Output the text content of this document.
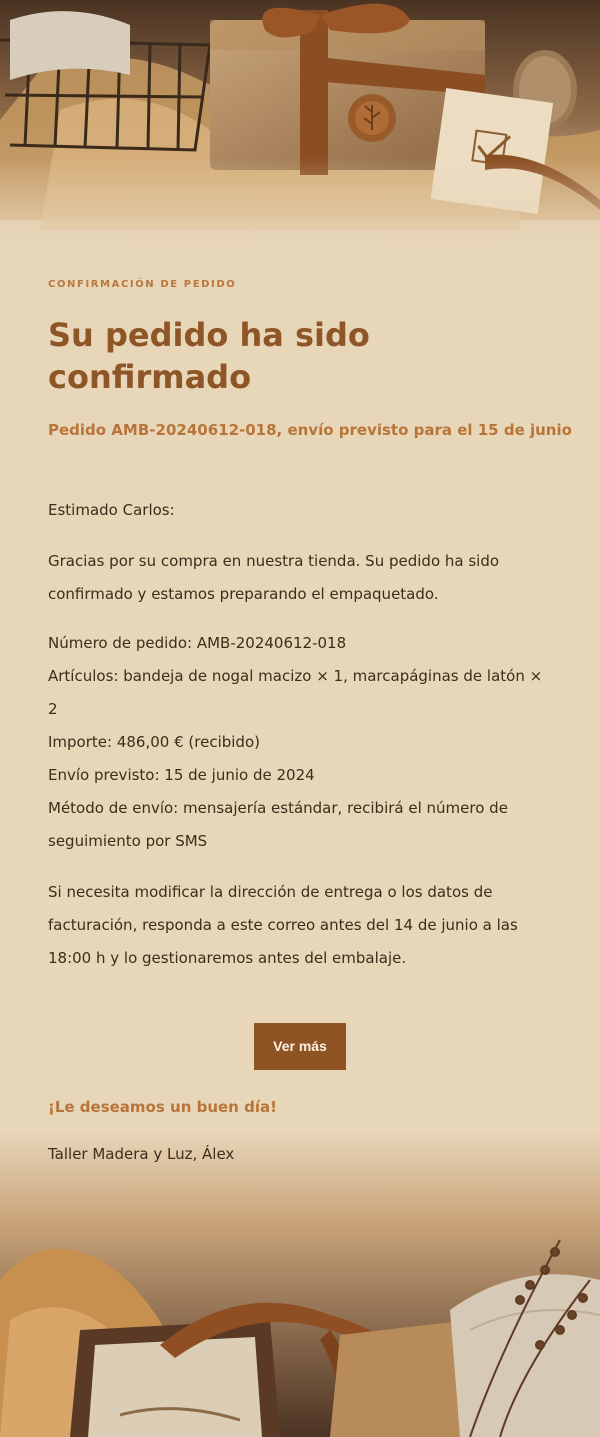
CONFIRMACIÓN DE PEDIDO
Su pedido ha sido confirmado
Pedido AMB-20240612-018, envío previsto para el 15 de junio

Estimado Carlos:

Gracias por su compra en nuestra tienda. Su pedido ha sido confirmado y estamos preparando el empaquetado.

Número de pedido: AMB-20240612-018
Artículos: bandeja de nogal macizo × 1, marcapáginas de latón × 2
Importe: 486,00 € (recibido)
Envío previsto: 15 de junio de 2024
Método de envío: mensajería estándar, recibirá el número de seguimiento por SMS

Si necesita modificar la dirección de entrega o los datos de facturación, responda a este correo antes del 14 de junio a las 18:00 h y lo gestionaremos antes del embalaje.

Ver más
¡Le deseamos un buen día!
Taller Madera y Luz, Álex
